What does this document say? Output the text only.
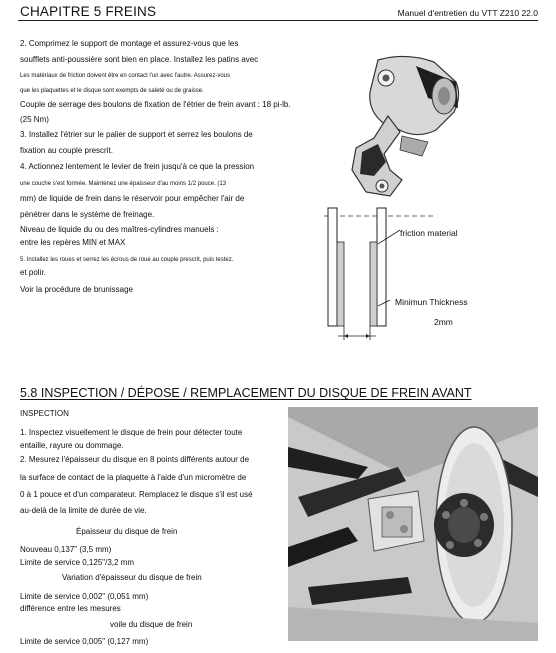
CHAPITRE 5 FREINS	Manuel d'entretien du VTT Z210 22.0
2. Comprimez le support de montage et assurez-vous que les
soufflets anti-poussière sont bien en place. Installez les patins avec
Les matériaux de friction doivent être en contact l'un avec l'autre. Assurez-vous
que les plaquettes et le disque sont exempts de saleté ou de graisse.
Couple de serrage des boulons de fixation de l'étrier de frein avant : 18 pi-lb.
(25 Nm)
3. Installez l'étrier sur le palier de support et serrez les boulons de
fixation au couple prescrit.
4. Actionnez lentement le levier de frein jusqu'à ce que la pression
une couche s'est formée. Maintenez une épaisseur d'au moins 1/2 pouce. (13
mm) de liquide de frein dans le réservoir pour empêcher l'air de
pénétrer dans le système de freinage.
Niveau de liquide du ou des maîtres-cylindres manuels :
entre les repères MIN et MAX
5. Installez les roues et serrez les écrous de roue au couple prescrit, puis testez.
et polir.
Voir la procédure de brunissage
friction material
Minimun Thickness
2mm
5.8 INSPECTION / DÉPOSE / REMPLACEMENT DU DISQUE DE FREIN AVANT
INSPECTION
1. Inspectez visuellement le disque de frein pour détecter toute
entaille, rayure ou dommage.
2. Mesurez l'épaisseur du disque en 8 points différents autour de
la surface de contact de la plaquette à l'aide d'un micromètre de
0 à 1 pouce et d'un comparateur. Remplacez le disque s'il est usé
au-delà de la limite de durée de vie.
Épaisseur du disque de frein
Nouveau 0,137" (3,5 mm)
Limite de service 0,125"/3,2 mm
Variation d'épaisseur du disque de frein
Limite de service 0,002" (0,051 mm)
différence entre les mesures
voile du disque de frein
Limite de service 0,005" (0,127 mm)
